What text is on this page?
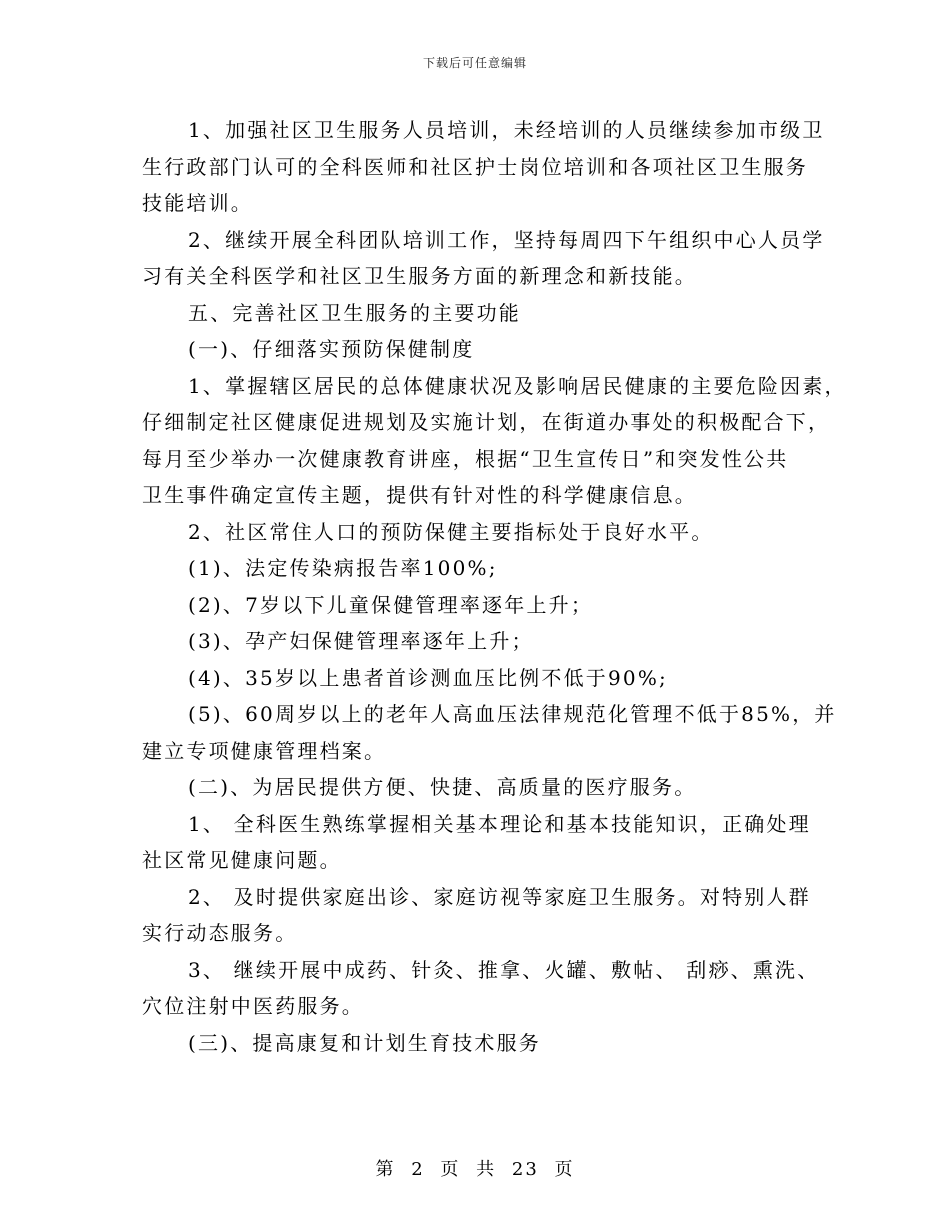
下载后可任意编辑

1、加强社区卫生服务人员培训，未经培训的人员继续参加市级卫
生行政部门认可的全科医师和社区护士岗位培训和各项社区卫生服务
技能培训。

2、继续开展全科团队培训工作，坚持每周四下午组织中心人员学
习有关全科医学和社区卫生服务方面的新理念和新技能。

五、完善社区卫生服务的主要功能

(一)、仔细落实预防保健制度

1、掌握辖区居民的总体健康状况及影响居民健康的主要危险因素，
仔细制定社区健康促进规划及实施计划，在街道办事处的积极配合下，
每月至少举办一次健康教育讲座，根据“卫生宣传日”和突发性公共
卫生事件确定宣传主题，提供有针对性的科学健康信息。

2、社区常住人口的预防保健主要指标处于良好水平。

(1)、法定传染病报告率100%;

(2)、7岁以下儿童保健管理率逐年上升；

(3)、孕产妇保健管理率逐年上升；

(4)、35岁以上患者首诊测血压比例不低于90%;

(5)、60周岁以上的老年人高血压法律规范化管理不低于85%，并
建立专项健康管理档案。

(二)、为居民提供方便、快捷、高质量的医疗服务。

1、 全科医生熟练掌握相关基本理论和基本技能知识，正确处理
社区常见健康问题。

2、 及时提供家庭出诊、家庭访视等家庭卫生服务。对特别人群
实行动态服务。

3、 继续开展中成药、针灸、推拿、火罐、敷帖、 刮痧、熏洗、
穴位注射中医药服务。

(三)、提高康复和计划生育技术服务

第 2 页 共 23 页
